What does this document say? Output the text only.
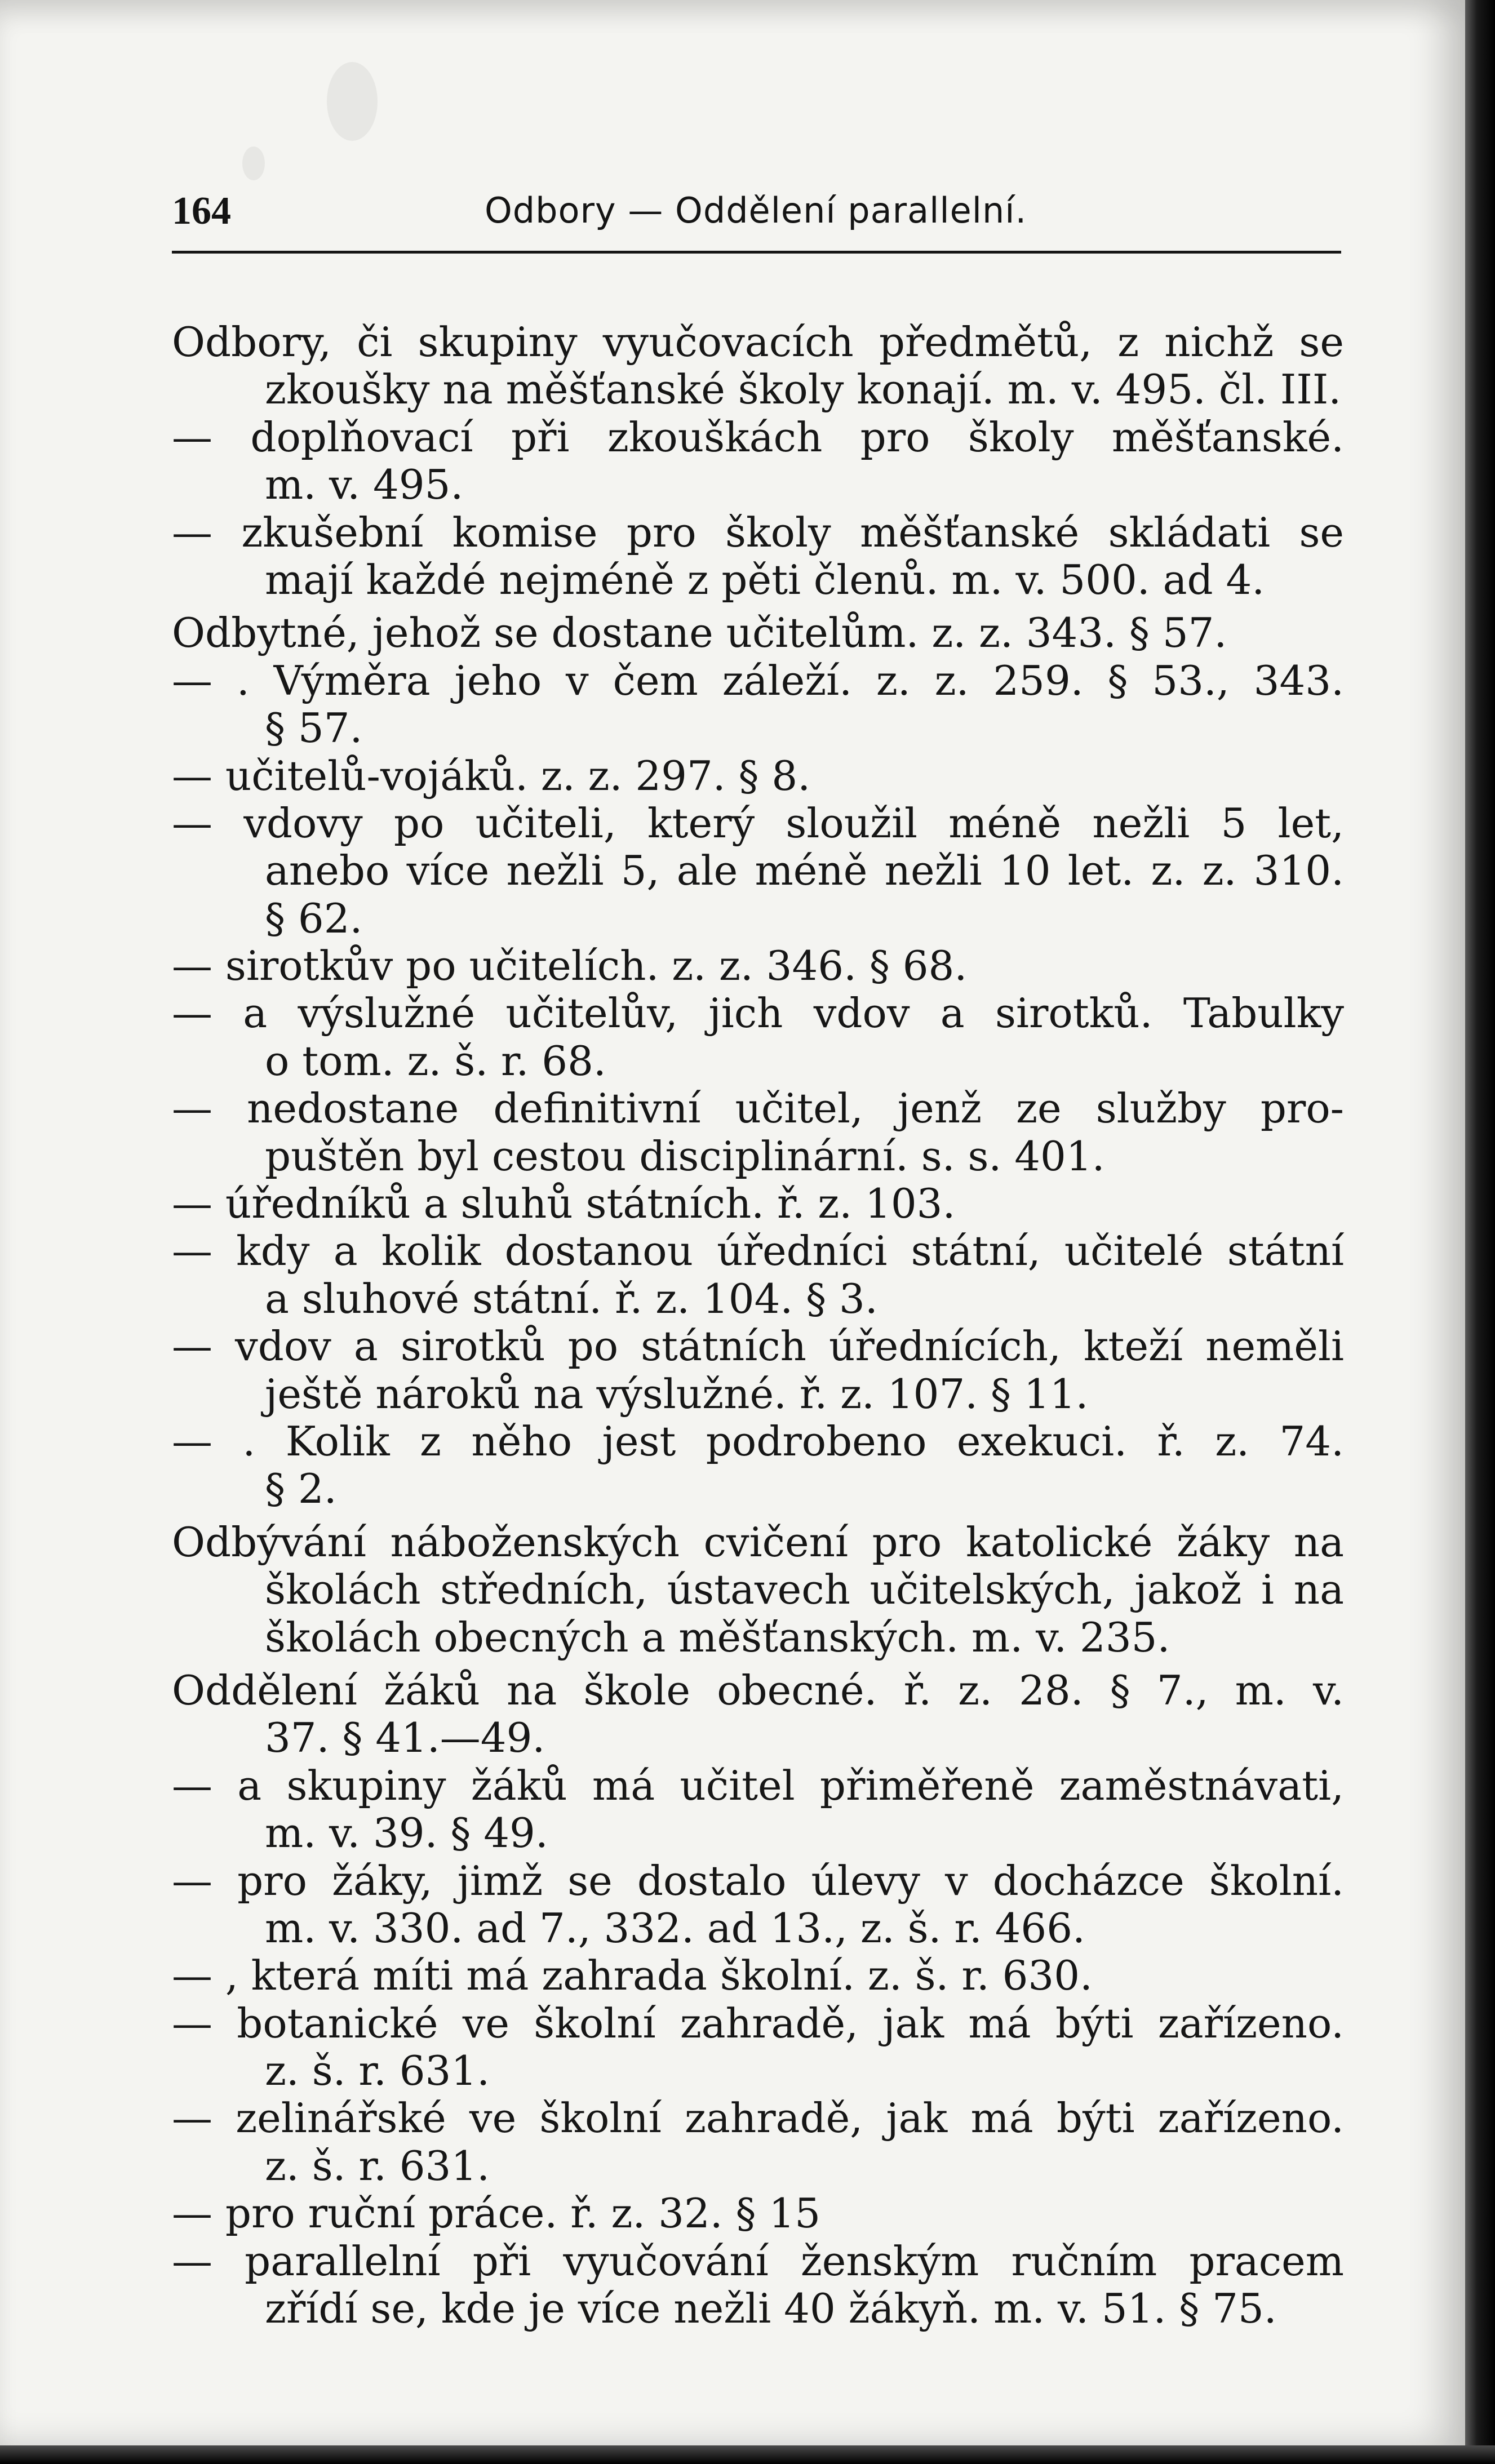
164	Odbory — Oddělení parallelní.
Odbory, či skupiny vyučovacích předmětů, z nichž se
zkoušky na měšťanské školy konají. m. v. 495. čl. III.
— doplňovací při zkouškách pro školy měšťanské.
m. v. 495.
— zkušební komise pro školy měšťanské skládati se
mají každé nejméně z pěti členů. m. v. 500. ad 4.
Odbytné, jehož se dostane učitelům. z. z. 343. § 57.
— . Výměra jeho v čem záleží. z. z. 259. § 53., 343.
§ 57.
— učitelů-vojáků. z. z. 297. § 8.
— vdovy po učiteli, který sloužil méně nežli 5 let,
anebo více nežli 5, ale méně nežli 10 let. z. z. 310.
§ 62.
— sirotkův po učitelích. z. z. 346. § 68.
— a výslužné učitelův, jich vdov a sirotků. Tabulky
o tom. z. š. r. 68.
— nedostane definitivní učitel, jenž ze služby pro-
puštěn byl cestou disciplinární. s. s. 401.
— úředníků a sluhů státních. ř. z. 103.
— kdy a kolik dostanou úředníci státní, učitelé státní
a sluhové státní. ř. z. 104. § 3.
— vdov a sirotků po státních úřednících, kteží neměli
ještě nároků na výslužné. ř. z. 107. § 11.
— . Kolik z něho jest podrobeno exekuci. ř. z. 74.
§ 2.
Odbývání náboženských cvičení pro katolické žáky na
školách středních, ústavech učitelských, jakož i na
školách obecných a měšťanských. m. v. 235.
Oddělení žáků na škole obecné. ř. z. 28. § 7., m. v.
37. § 41.—49.
— a skupiny žáků má učitel přiměřeně zaměstnávati,
m. v. 39. § 49.
— pro žáky, jimž se dostalo úlevy v docházce školní.
m. v. 330. ad 7., 332. ad 13., z. š. r. 466.
— , která míti má zahrada školní. z. š. r. 630.
— botanické ve školní zahradě, jak má býti zařízeno.
z. š. r. 631.
— zelinářské ve školní zahradě, jak má býti zařízeno.
z. š. r. 631.
— pro ruční práce. ř. z. 32. § 15
— parallelní při vyučování ženským ručním pracem
zřídí se, kde je více nežli 40 žákyň. m. v. 51. § 75.
